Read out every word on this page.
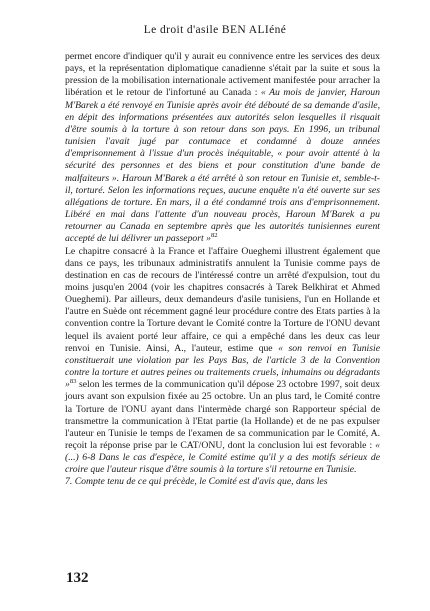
Le droit d'asile BEN ALIéné

permet encore d'indiquer qu'il y aurait eu connivence entre les services des deux pays, et la représentation diplomatique canadienne s'était par la suite et sous la pression de la mobilisation internationale activement manifestée pour arracher la libération et le retour de l'infortuné au Canada : « Au mois de janvier, Haroun M'Barek a été renvoyé en Tunisie après avoir été débouté de sa demande d'asile, en dépit des informations présentées aux autorités selon lesquelles il risquait d'être soumis à la torture à son retour dans son pays. En 1996, un tribunal tunisien l'avait jugé par contumace et condamné à douze années d'emprisonnement à l'issue d'un procès inéquitable, « pour avoir attenté à la sécurité des personnes et des biens et pour constitution d'une bande de malfaiteurs ». Haroun M'Barek a été arrêté à son retour en Tunisie et, semble-t-il, torturé. Selon les informations reçues, aucune enquête n'a été ouverte sur ses allégations de torture. En mars, il a été condamné trois ans d'emprisonnement. Libéré en mai dans l'attente d'un nouveau procès, Haroun M'Barek a pu retourner au Canada en septembre après que les autorités tunisiennes eurent accepté de lui délivrer un passeport »$^{82}$

Le chapitre consacré à la France et l'affaire Oueghemi illustrent également que dans ce pays, les tribunaux administratifs annulent la Tunisie comme pays de destination en cas de recours de l'intéressé contre un arrêté d'expulsion, tout du moins jusqu'en 2004 (voir les chapitres consacrés à Tarek Belkhirat et Ahmed Oueghemi). Par ailleurs, deux demandeurs d'asile tunisiens, l'un en Hollande et l'autre en Suède ont récemment gagné leur procédure contre des Etats parties à la convention contre la Torture devant le Comité contre la Torture de l'ONU devant lequel ils avaient porté leur affaire, ce qui a empêché dans les deux cas leur renvoi en Tunisie. Ainsi, A., l'auteur, estime que « son renvoi en Tunisie constituerait une violation par les Pays Bas, de l'article 3 de la Convention contre la torture et autres peines ou traitements cruels, inhumains ou dégradants »$^{83}$ selon les termes de la communication qu'il dépose 23 octobre 1997, soit deux jours avant son expulsion fixée au 25 octobre. Un an plus tard, le Comité contre la Torture de l'ONU ayant dans l'intermède chargé son Rapporteur spécial de transmettre la communication à l'Etat partie (la Hollande) et de ne pas expulser l'auteur en Tunisie le temps de l'examen de sa communication par le Comité, A. reçoit la réponse prise par le CAT/ONU, dont la conclusion lui est fevorable : « (...) 6-8 Dans le cas d'espèce, le Comité estime qu'il y a des motifs sérieux de croire que l'auteur risque d'être soumis à la torture s'il retourne en Tunisie.

7. Compte tenu de ce qui précède, le Comité est d'avis que, dans les

132
